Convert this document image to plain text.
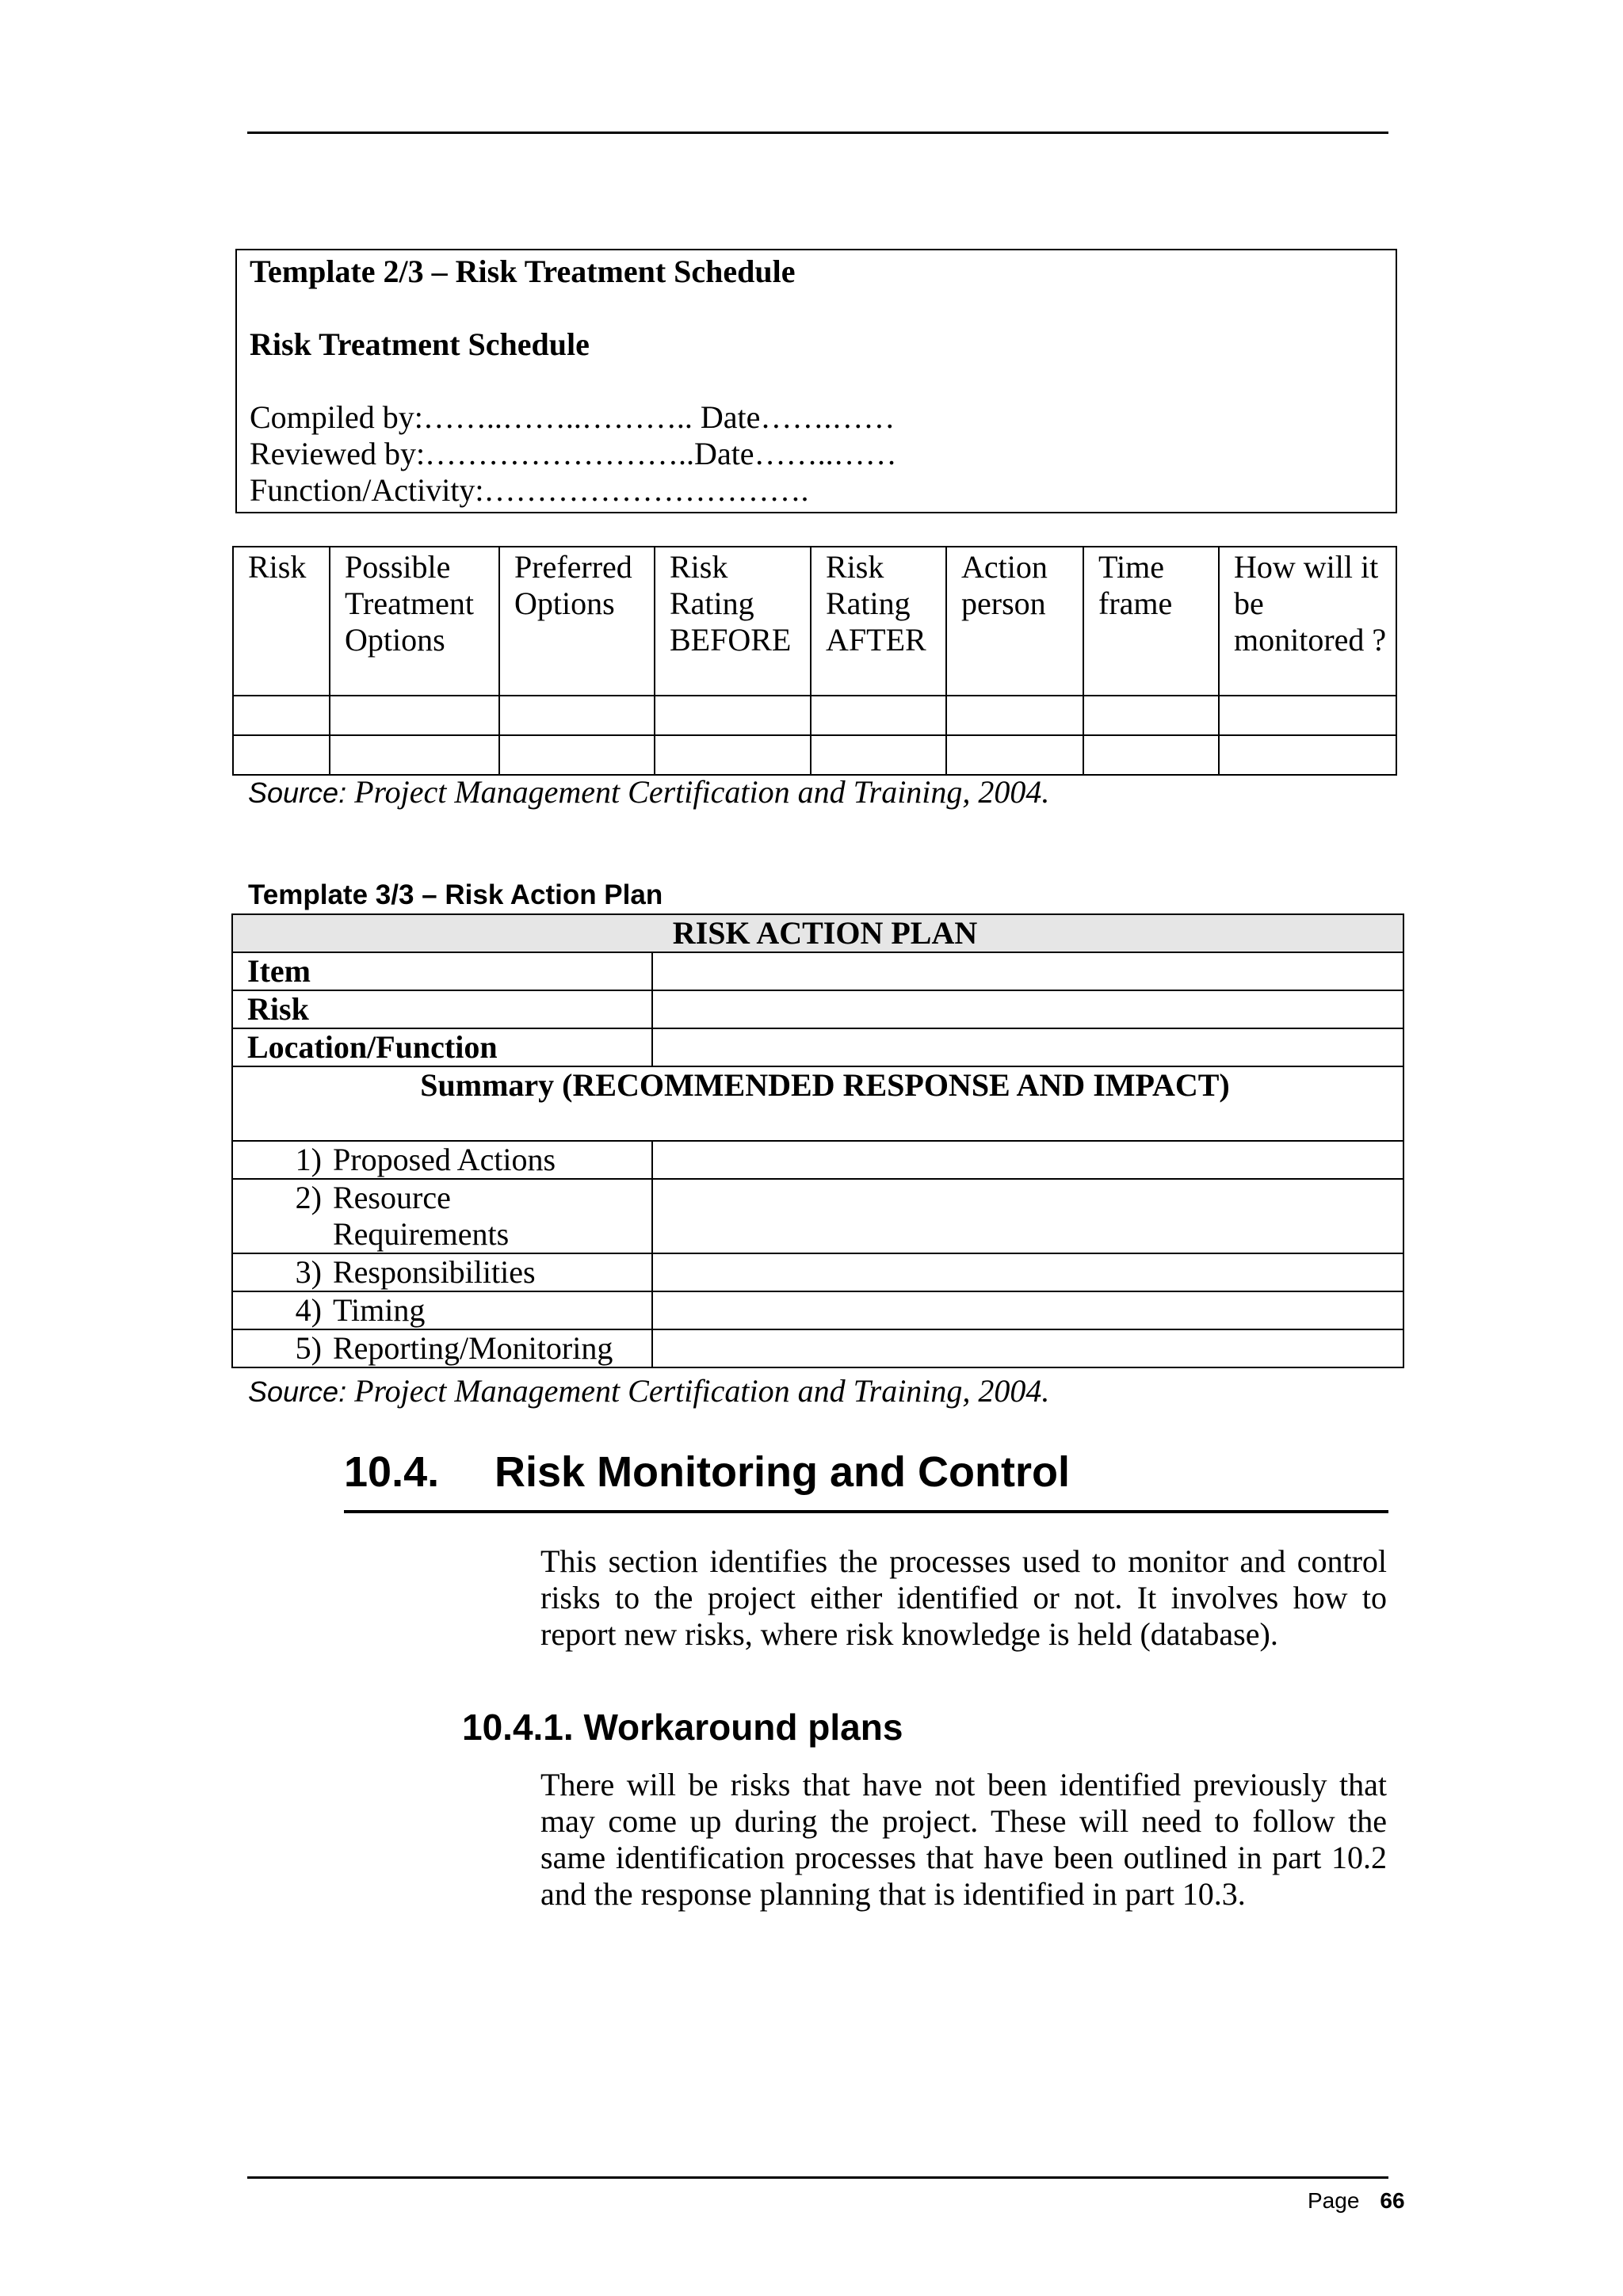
Template 2/3 – Risk Treatment Schedule
Risk Treatment Schedule
Compiled by:……..……..……….. Date…….……
Reviewed by:……………………..Date……..……
Function/Activity:………………………….
Risk	Possible Treatment Options	Preferred Options	Risk Rating BEFORE	Risk Rating AFTER	Action person	Time frame	How will it be monitored ?

Source: Project Management Certification and Training, 2004.
Template 3/3 – Risk Action Plan
RISK ACTION PLAN	
Item	
Risk	
Location/Function	
Summary (RECOMMENDED RESPONSE AND IMPACT)	

1) Proposed Actions	

2) Resource Requirements	

3) Responsibilities	

4) Timing	

5) Reporting/Monitoring	

Source: Project Management Certification and Training, 2004.
10.4. Risk Monitoring and Control

This section identifies the processes used to monitor and control risks to the project either identified or not. It involves how to report new risks, where risk knowledge is held (database).

10.4.1. Workaround plans

There will be risks that have not been identified previously that may come up during the project. These will need to follow the same identification processes that have been outlined in part 10.2 and the response planning that is identified in part 10.3.

Page 66
